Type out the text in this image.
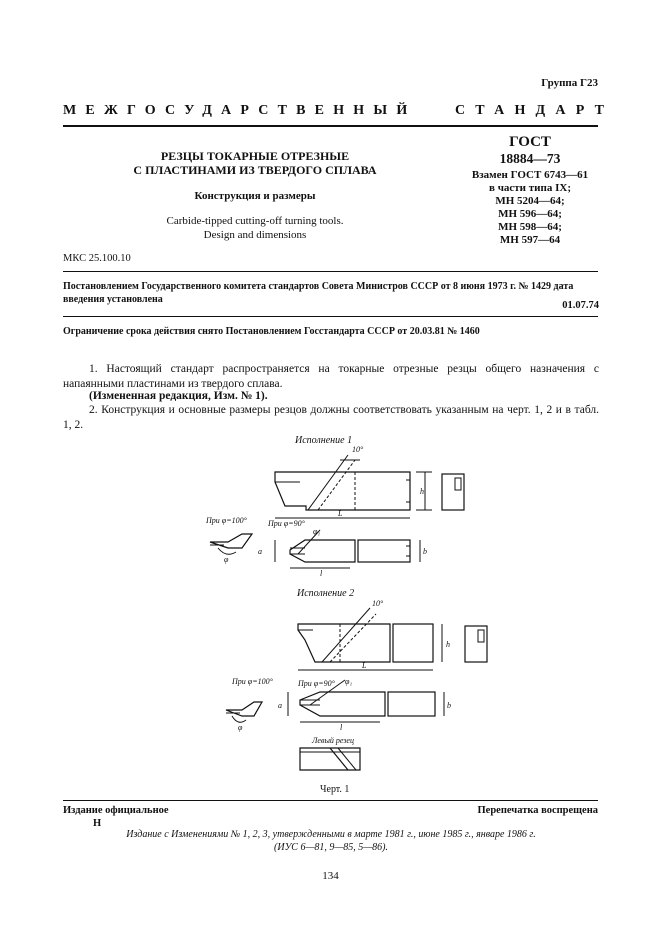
Группа Г23
МЕЖГОСУДАРСТВЕННЫЙ	СТАНДАРТ
РЕЗЦЫ ТОКАРНЫЕ ОТРЕЗНЫЕ
С ПЛАСТИНАМИ ИЗ ТВЕРДОГО СПЛАВА
Конструкция и размеры
Carbide-tipped cutting-off turning tools.
Design and dimensions
ГОСТ
18884—73
Взамен ГОСТ 6743—61
в части типа IX;
МН 5204—64;
МН 596—64;
МН 598—64;
МН 597—64
МКС 25.100.10
Постановлением Государственного комитета стандартов Совета Министров СССР от 8 июня 1973 г. № 1429 дата введения установлена
01.07.74
Ограничение срока действия снято Постановлением Госстандарта СССР от 20.03.81 № 1460
1. Настоящий стандарт распространяется на токарные отрезные резцы общего назначения с напаянными пластинами из твердого сплава.
(Измененная редакция, Изм. № 1).
2. Конструкция и основные размеры резцов должны соответствовать указанным на черт. 1, 2 и в табл. 1, 2.
Исполнение 1
10°
h
L
При φ=90°
φ₁
a
l
b
При φ=100°
φ
Исполнение 2
10°
h
L
При φ=90° φ₁
a
l
b
При φ=100°
φ
Левый резец
Черт. 1
Издание официальное
Н
Перепечатка воспрещена
Издание с Изменениями № 1, 2, 3, утвержденными в марте 1981 г., июне 1985 г., январе 1986 г.
(ИУС 6—81, 9—85, 5—86).
134
